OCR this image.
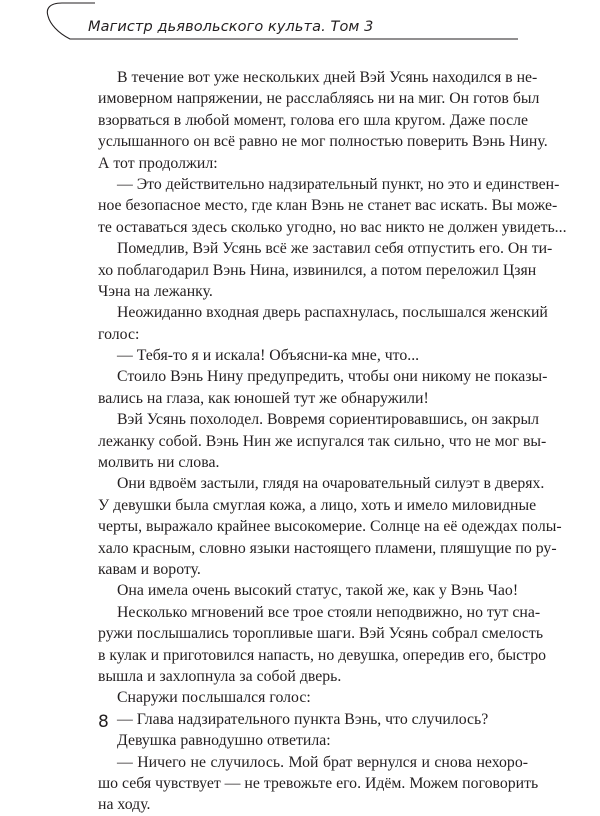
Магистр дьявольского культа. Том 3
В течение вот уже нескольких дней Вэй Усянь находился в не-
имоверном напряжении, не расслабляясь ни на миг. Он готов был
взорваться в любой момент, голова его шла кругом. Даже после
услышанного он всё равно не мог полностью поверить Вэнь Нину.
А тот продолжил:
— Это действительно надзирательный пункт, но это и единствен-
ное безопасное место, где клан Вэнь не станет вас искать. Вы може-
те оставаться здесь сколько угодно, но вас никто не должен увидеть...
Помедлив, Вэй Усянь всё же заставил себя отпустить его. Он ти-
хо поблагодарил Вэнь Нина, извинился, а потом переложил Цзян
Чэна на лежанку.
Неожиданно входная дверь распахнулась, послышался женский
голос:
— Тебя-то я и искала! Объясни-ка мне, что...
Стоило Вэнь Нину предупредить, чтобы они никому не показы-
вались на глаза, как юношей тут же обнаружили!
Вэй Усянь похолодел. Вовремя сориентировавшись, он закрыл
лежанку собой. Вэнь Нин же испугался так сильно, что не мог вы-
молвить ни слова.
Они вдвоём застыли, глядя на очаровательный силуэт в дверях.
У девушки была смуглая кожа, а лицо, хоть и имело миловидные
черты, выражало крайнее высокомерие. Солнце на её одеждах полы-
хало красным, словно языки настоящего пламени, пляшущие по ру-
кавам и вороту.
Она имела очень высокий статус, такой же, как у Вэнь Чао!
Несколько мгновений все трое стояли неподвижно, но тут сна-
ружи послышались торопливые шаги. Вэй Усянь собрал смелость
в кулак и приготовился напасть, но девушка, опередив его, быстро
вышла и захлопнула за собой дверь.
Снаружи послышался голос:
— Глава надзирательного пункта Вэнь, что случилось?
Девушка равнодушно ответила:
— Ничего не случилось. Мой брат вернулся и снова нехоро-
шо себя чувствует — не тревожьте его. Идём. Можем поговорить
на ходу.
8
